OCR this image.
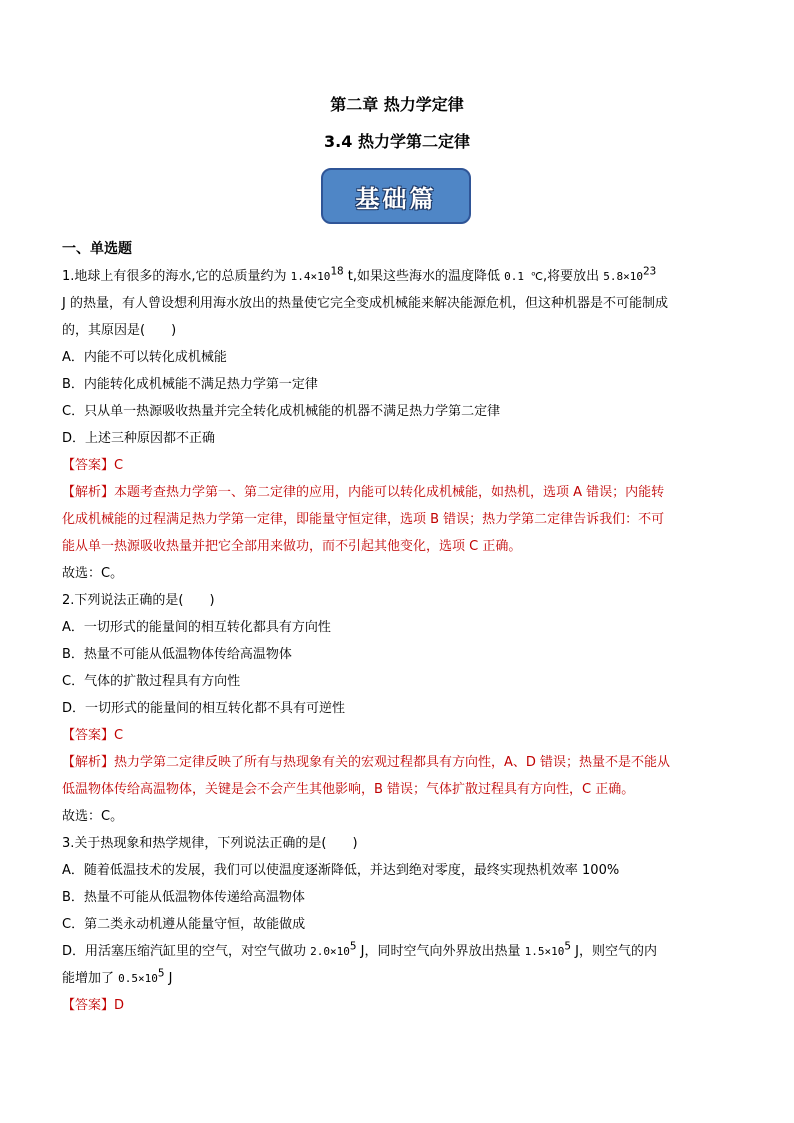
第二章 热力学定律
3.4 热力学第二定律
基础篇

一、单选题

1.地球上有很多的海水,它的总质量约为 $1.4\times 10^{18}$ t,如果这些海水的温度降低 0.1 ℃,将要放出 $5.8\times 10^{23}$

J 的热量，有人曾设想利用海水放出的热量使它完全变成机械能来解决能源危机，但这种机器是不可能制成

的，其原因是(　　)

A．内能不可以转化成机械能

B．内能转化成机械能不满足热力学第一定律

C．只从单一热源吸收热量并完全转化成机械能的机器不满足热力学第二定律

D．上述三种原因都不正确

【答案】C

【解析】本题考查热力学第一、第二定律的应用，内能可以转化成机械能，如热机，选项 A 错误；内能转

化成机械能的过程满足热力学第一定律，即能量守恒定律，选项 B 错误；热力学第二定律告诉我们：不可

能从单一热源吸收热量并把它全部用来做功，而不引起其他变化，选项 C 正确。

故选：C。

2.下列说法正确的是(　　)

A．一切形式的能量间的相互转化都具有方向性

B．热量不可能从低温物体传给高温物体

C．气体的扩散过程具有方向性

D．一切形式的能量间的相互转化都不具有可逆性

【答案】C

【解析】热力学第二定律反映了所有与热现象有关的宏观过程都具有方向性，A、D 错误；热量不是不能从

低温物体传给高温物体，关键是会不会产生其他影响，B 错误；气体扩散过程具有方向性，C 正确。

故选：C。

3.关于热现象和热学规律，下列说法正确的是(　　)

A．随着低温技术的发展，我们可以使温度逐渐降低，并达到绝对零度，最终实现热机效率 100%

B．热量不可能从低温物体传递给高温物体

C．第二类永动机遵从能量守恒，故能做成

D．用活塞压缩汽缸里的空气，对空气做功 $2.0\times 10^5$ J，同时空气向外界放出热量 $1.5\times 10^5$ J，则空气的内

能增加了 $0.5\times 10^5$ J

【答案】D
